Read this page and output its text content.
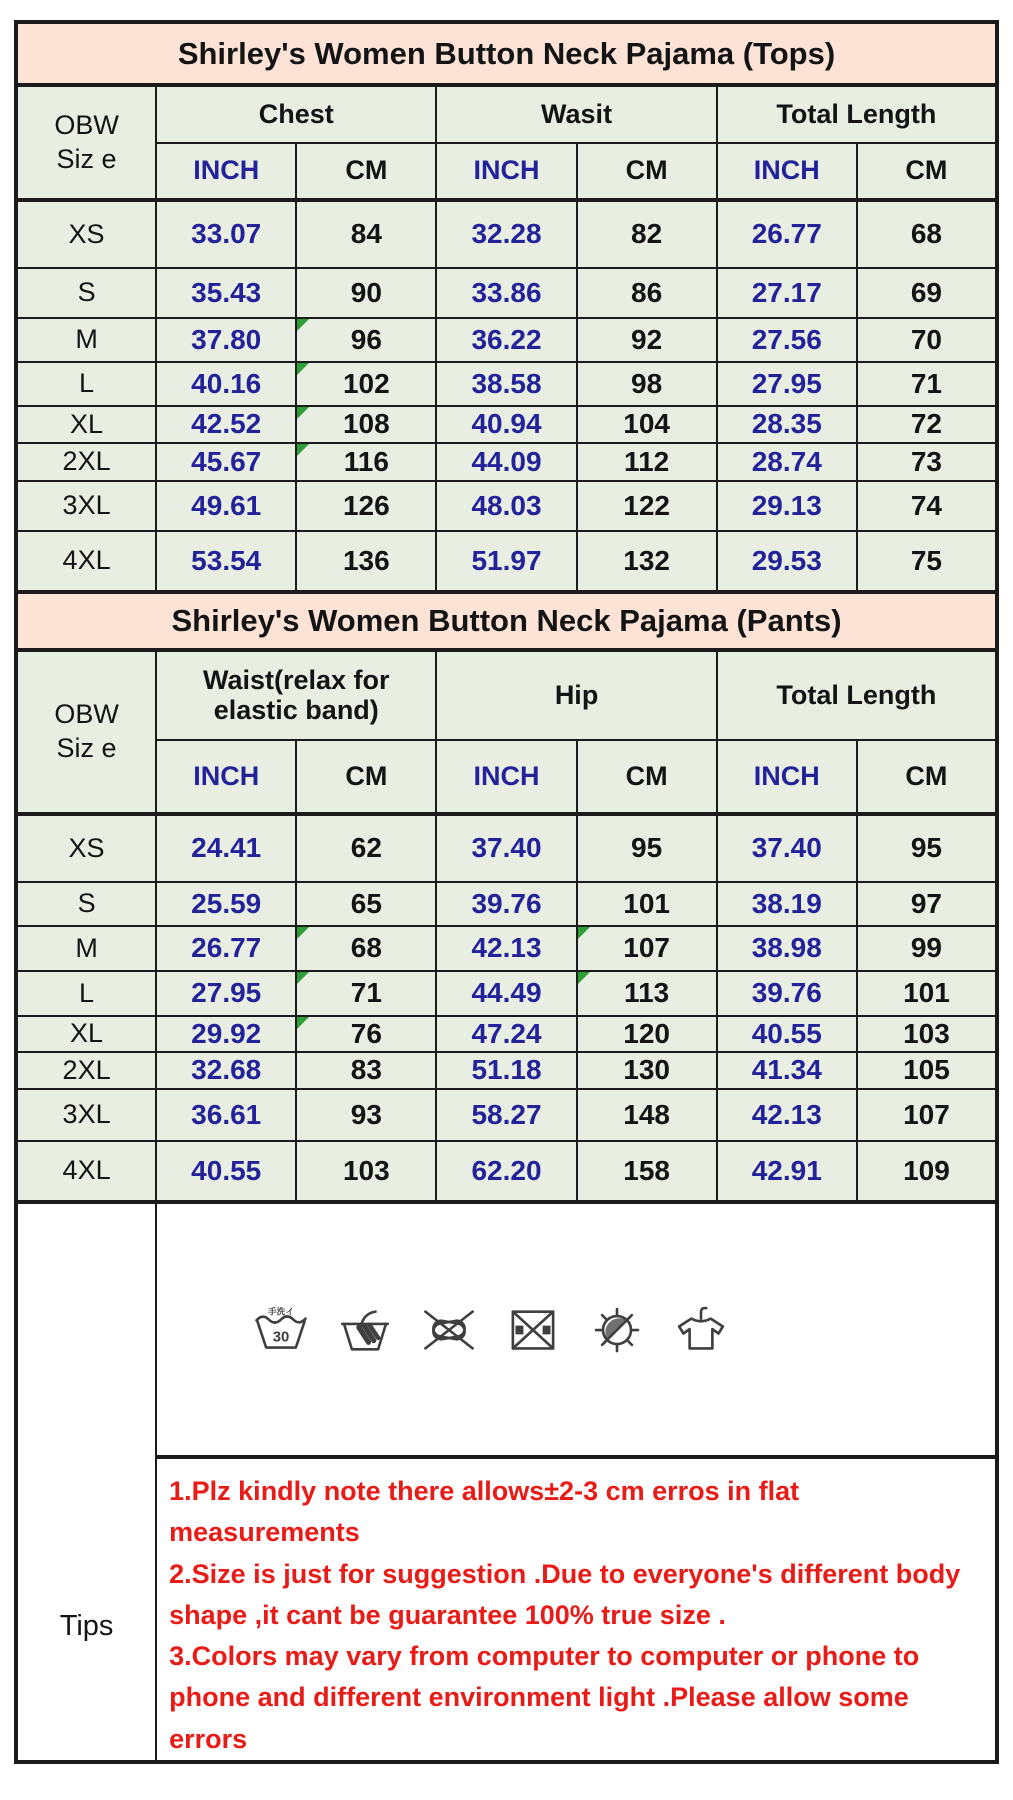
Shirley's Women Button Neck Pajama (Tops)						

OBW
Siz e	Chest		Wasit		Total Length	
	INCH	CM	INCH	CM	INCH	CM
XS	33.07	84	32.28	82	26.77	68
S	35.43	90	33.86	86	27.17	69
M	37.80	96	36.22	92	27.56	70
L	40.16	102	38.58	98	27.95	71
XL	42.52	108	40.94	104	28.35	72
2XL	45.67	116	44.09	112	28.74	73
3XL	49.61	126	48.03	122	29.13	74
4XL	53.54	136	51.97	132	29.53	75
Shirley's Women Button Neck Pajama (Pants)						

OBW
Siz e	Waist(relax for elastic band)		Hip		Total Length	
	INCH	CM	INCH	CM	INCH	CM
XS	24.41	62	37.40	95	37.40	95
S	25.59	65	39.76	101	38.19	97
M	26.77	68	42.13	107	38.98	99
L	27.95	71	44.49	113	39.76	101
XL	29.92	76	47.24	120	40.55	103
2XL	32.68	83	51.18	130	41.34	105
3XL	36.61	93	58.27	148	42.13	107
4XL	40.55	103	62.20	158	42.91	109
Tips	手洗イ
30					

	1.Plz kindly note there allows±2-3 cm erros in flat measurements
2.Size is just for suggestion .Due to everyone's different body shape ,it cant be guarantee 100% true size .
3.Colors may vary from computer to computer or phone to phone and different environment light .Please allow some errors					
